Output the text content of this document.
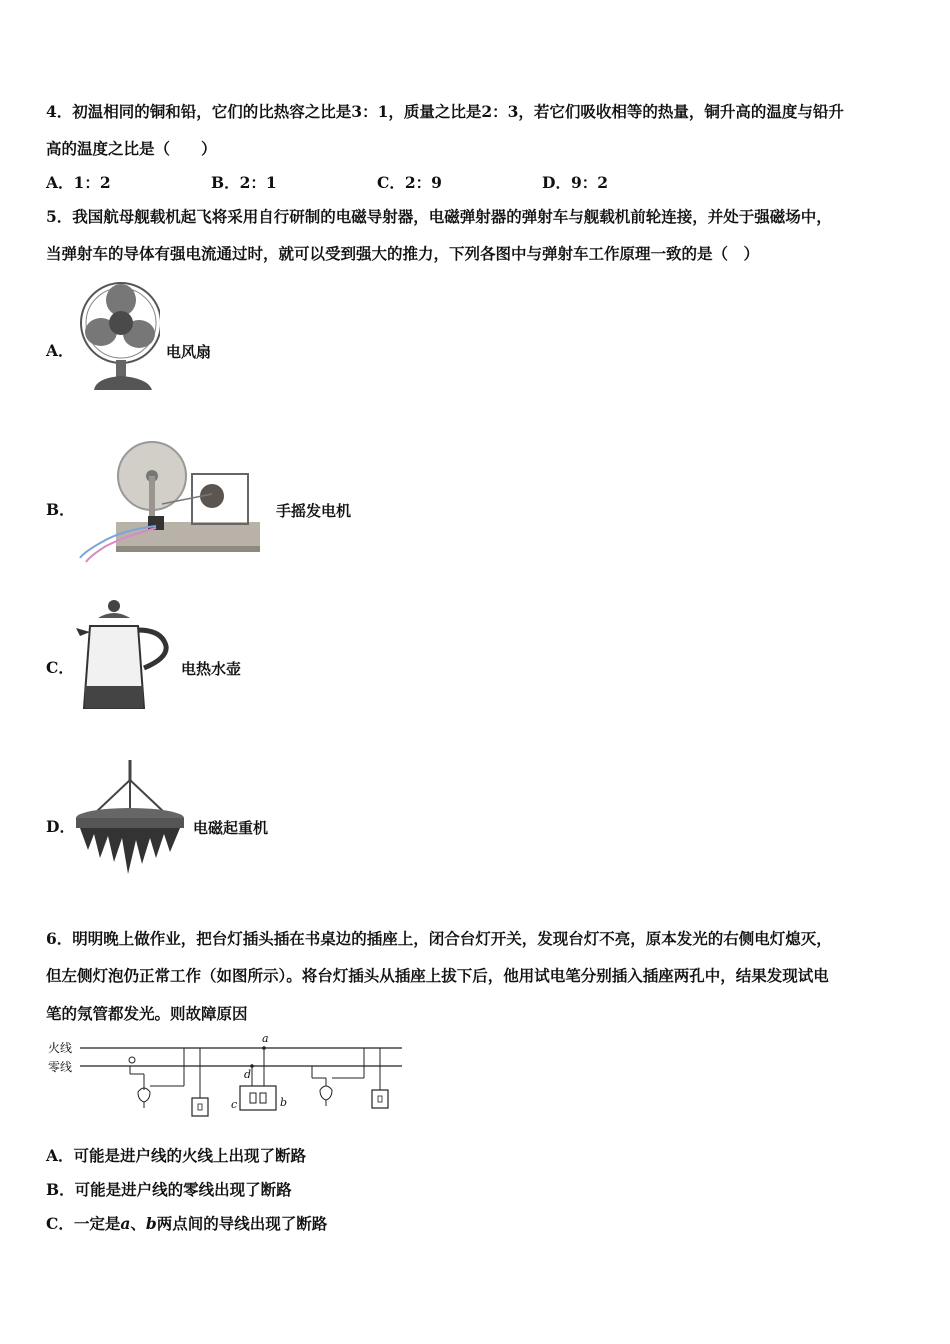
4．初温相同的铜和铅，它们的比热容之比是3：1，质量之比是2：3，若它们吸收相等的热量，铜升高的温度与铅升
高的温度之比是（　　）
A．1：2	B．2：1	C．2：9	D．9：2
5．我国航母舰载机起飞将采用自行研制的电磁导射器，电磁弹射器的弹射车与舰载机前轮连接，并处于强磁场中，
当弹射车的导体有强电流通过时，就可以受到强大的推力，下列各图中与弹射车工作原理一致的是（　）
A．	电风扇
B．	手摇发电机
C．	电热水壶
D．	电磁起重机
6．明明晚上做作业，把台灯插头插在书桌边的插座上，闭合台灯开关，发现台灯不亮，原本发光的右侧电灯熄灭，
但左侧灯泡仍正常工作（如图所示）。将台灯插头从插座上拔下后，他用试电笔分别插入插座两孔中，结果发现试电
笔的氖管都发光。则故障原因
火线
零线
a
d
c	b
A．可能是进户线的火线上出现了断路
B．可能是进户线的零线出现了断路
C．一定是a、b两点间的导线出现了断路
